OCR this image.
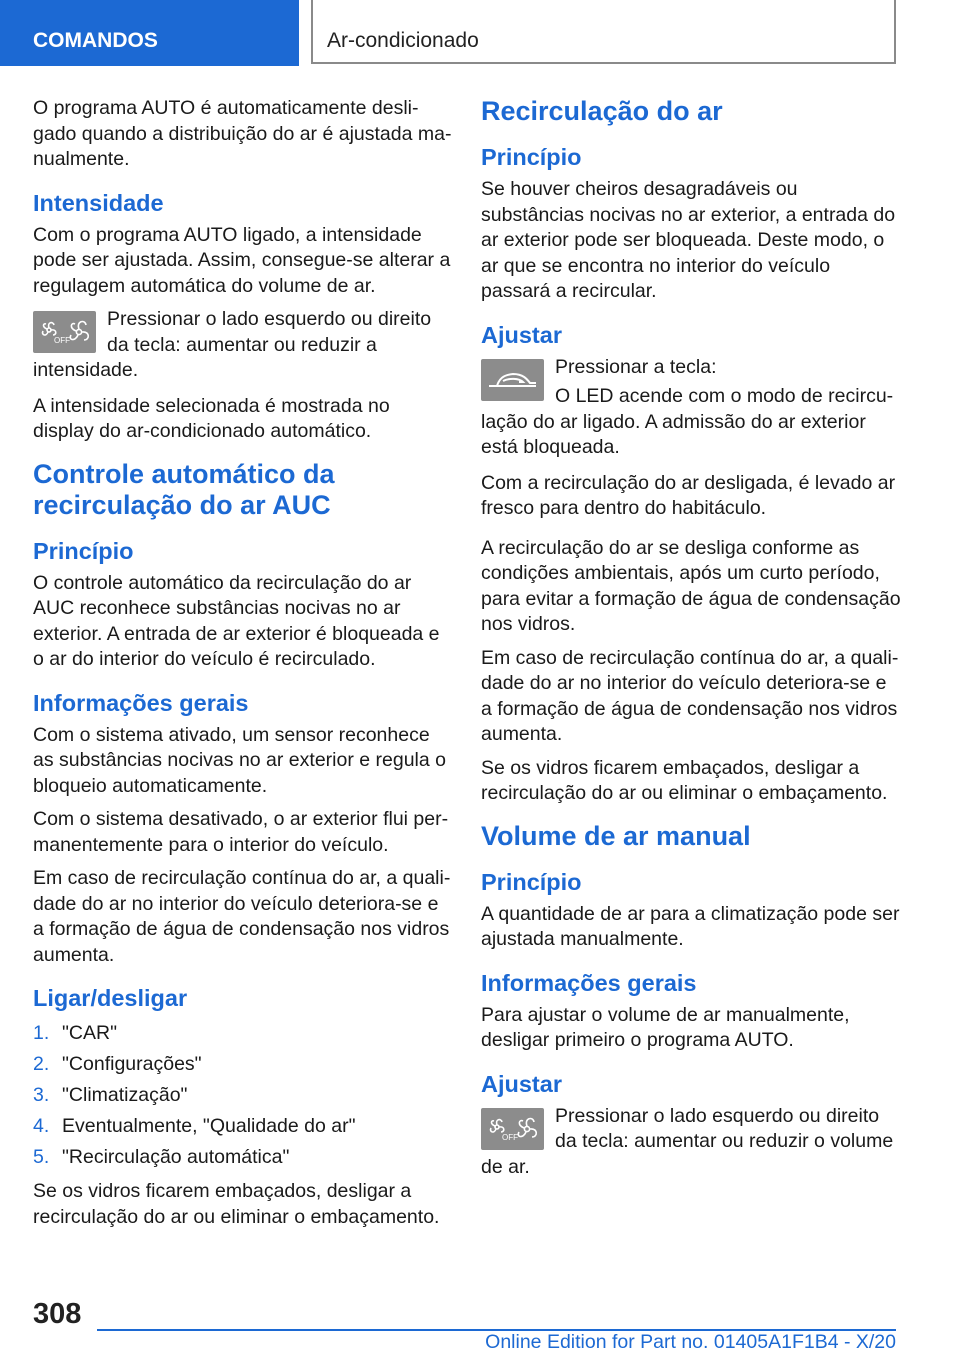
COMANDOS	Ar-condicionado

O programa AUTO é automaticamente desligado quando a distribuição do ar é ajustada manualmente.

Intensidade

Com o programa AUTO ligado, a intensidade pode ser ajustada. Assim, consegue-se alterar a regulagem automática do volume de ar.

OFF

Pressionar o lado esquerdo ou direito da tecla: aumentar ou reduzir a intensidade.

A intensidade selecionada é mostrada no display do ar-condicionado automático.

Controle automático da recirculação do ar AUC
Princípio

O controle automático da recirculação do ar AUC reconhece substâncias nocivas no ar exterior. A entrada de ar exterior é bloqueada e o ar do interior do veículo é recirculado.

Informações gerais

Com o sistema ativado, um sensor reconhece as substâncias nocivas no ar exterior e regula o bloqueio automaticamente.

Com o sistema desativado, o ar exterior flui permanentemente para o interior do veículo.

Em caso de recirculação contínua do ar, a qualidade do ar no interior do veículo deteriora-se e a formação de água de condensação nos vidros aumenta.

Ligar/desligar
1. "CAR"
2. "Configurações"
3. "Climatização"
4. Eventualmente, "Qualidade do ar"
5. "Recirculação automática"

Se os vidros ficarem embaçados, desligar a recirculação do ar ou eliminar o embaçamento.

Recirculação do ar
Princípio

Se houver cheiros desagradáveis ou substâncias nocivas no ar exterior, a entrada do ar exterior pode ser bloqueada. Deste modo, o ar que se encontra no interior do veículo passará a recircular.

Ajustar

Pressionar a tecla:

O LED acende com o modo de recirculação do ar ligado. A admissão do ar exterior está bloqueada.

Com a recirculação do ar desligada, é levado ar fresco para dentro do habitáculo.

A recirculação do ar se desliga conforme as condições ambientais, após um curto período, para evitar a formação de água de condensação nos vidros.

Em caso de recirculação contínua do ar, a qualidade do ar no interior do veículo deteriora-se e a formação de água de condensação nos vidros aumenta.

Se os vidros ficarem embaçados, desligar a recirculação do ar ou eliminar o embaçamento.

Volume de ar manual
Princípio

A quantidade de ar para a climatização pode ser ajustada manualmente.

Informações gerais

Para ajustar o volume de ar manualmente, desligar primeiro o programa AUTO.

Ajustar
OFF

Pressionar o lado esquerdo ou direito da tecla: aumentar ou reduzir o volume de ar.

308
Online Edition for Part no. 01405A1F1B4 - X/20
